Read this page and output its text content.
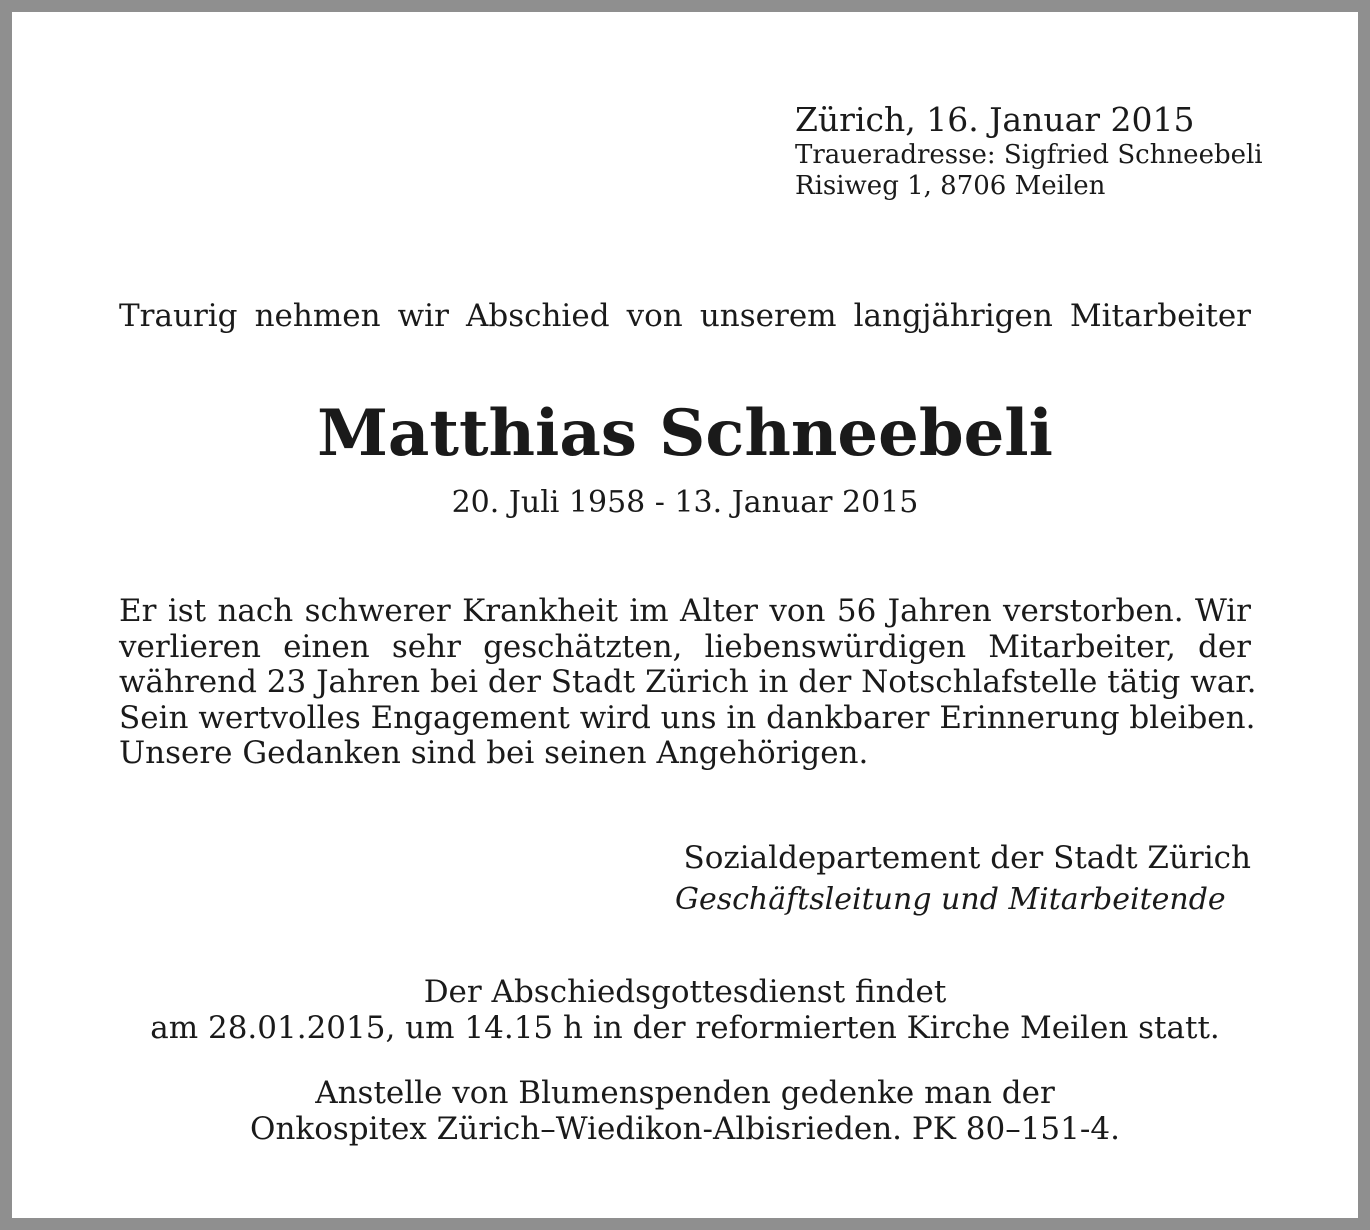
Zürich, 16. Januar 2015
Traueradresse: Sigfried Schneebeli
Risiweg 1, 8706 Meilen
Traurig nehmen wir Abschied von unserem langjährigen Mitarbeiter
Matthias Schneebeli
20. Juli 1958 - 13. Januar 2015
Er ist nach schwerer Krankheit im Alter von 56 Jahren verstorben. Wir
verlieren einen sehr geschätzten, liebenswürdigen Mitarbeiter, der
während 23 Jahren bei der Stadt Zürich in der Notschlafstelle tätig war.
Sein wertvolles Engagement wird uns in dankbarer Erinnerung bleiben.
Unsere Gedanken sind bei seinen Angehörigen.
Sozialdepartement der Stadt Zürich
Geschäftsleitung und Mitarbeitende
Der Abschiedsgottesdienst findet
am 28.01.2015, um 14.15 h in der reformierten Kirche Meilen statt.
Anstelle von Blumenspenden gedenke man der
Onkospitex Zürich–Wiedikon-Albisrieden. PK 80–151-4.
